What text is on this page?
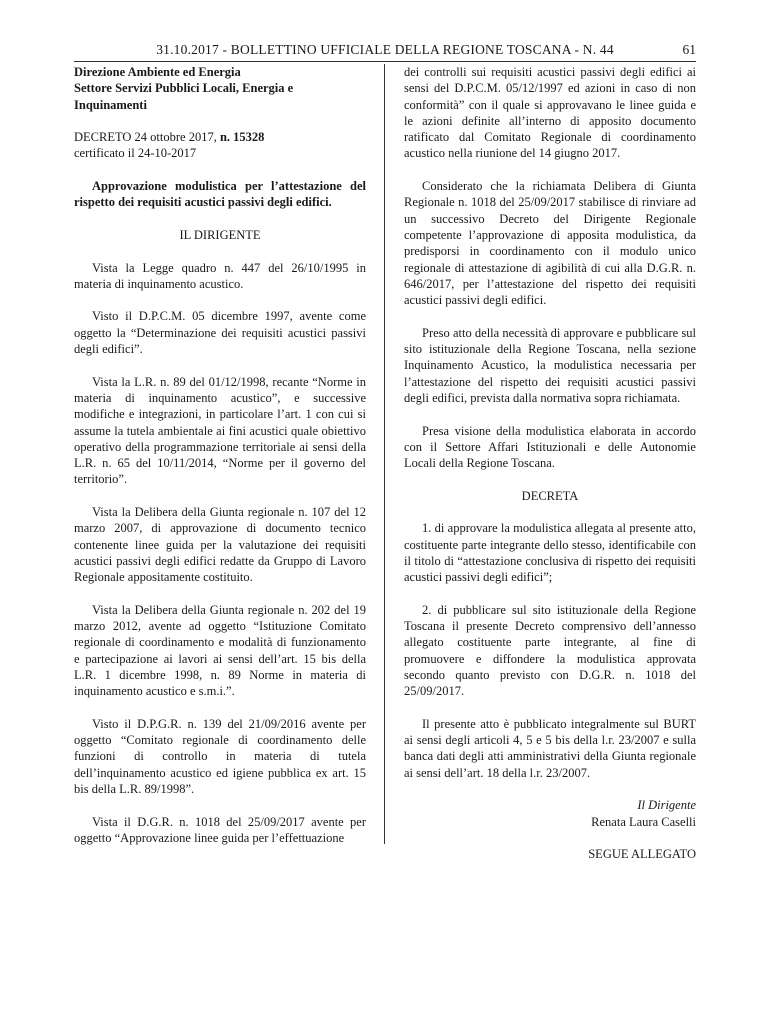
31.10.2017 - BOLLETTINO UFFICIALE DELLA REGIONE TOSCANA - N. 44	61
Direzione Ambiente ed Energia
Settore Servizi Pubblici Locali, Energia e Inquinamenti
DECRETO 24 ottobre 2017, n. 15328
certificato il 24-10-2017

Approvazione modulistica per l’attestazione del rispetto dei requisiti acustici passivi degli edifici.

IL DIRIGENTE

Vista la Legge quadro n. 447 del 26/10/1995 in materia di inquinamento acustico.

Visto il D.P.C.M. 05 dicembre 1997, avente come oggetto la “Determinazione dei requisiti acustici passivi degli edifici”.

Vista la L.R. n. 89 del 01/12/1998, recante “Norme in materia di inquinamento acustico”, e successive modifiche e integrazioni, in particolare l’art. 1 con cui si assume la tutela ambientale ai fini acustici quale obiettivo operativo della programmazione territoriale ai sensi della L.R. n. 65 del 10/11/2014, “Norme per il governo del territorio”.

Vista la Delibera della Giunta regionale n. 107 del 12 marzo 2007, di approvazione di documento tecnico contenente linee guida per la valutazione dei requisiti acustici passivi degli edifici redatte da Gruppo di Lavoro Regionale appositamente costituito.

Vista la Delibera della Giunta regionale n. 202 del 19 marzo 2012, avente ad oggetto “Istituzione Comitato regionale di coordinamento e modalità di funzionamento e partecipazione ai lavori ai sensi dell’art. 15 bis della L.R. 1 dicembre 1998, n. 89 Norme in materia di inquinamento acustico e s.m.i.”.

Visto il D.P.G.R. n. 139 del 21/09/2016 avente per oggetto “Comitato regionale di coordinamento delle funzioni di controllo in materia di tutela dell’inquinamento acustico ed igiene pubblica ex art. 15 bis della L.R. 89/1998”.

Vista il D.G.R. n. 1018 del 25/09/2017 avente per oggetto “Approvazione linee guida per l’effettuazione

dei controlli sui requisiti acustici passivi degli edifici ai sensi del D.P.C.M. 05/12/1997 ed azioni in caso di non conformità” con il quale si approvavano le linee guida e le azioni definite all’interno di apposito documento ratificato dal Comitato Regionale di coordinamento acustico nella riunione del 14 giugno 2017.

Considerato che la richiamata Delibera di Giunta Regionale n. 1018 del 25/09/2017 stabilisce di rinviare ad un successivo Decreto del Dirigente Regionale competente l’approvazione di apposita modulistica, da predisporsi in coordinamento con il modulo unico regionale di attestazione di agibilità di cui alla D.G.R. n. 646/2017, per l’attestazione del rispetto dei requisiti acustici passivi degli edifici.

Preso atto della necessità di approvare e pubblicare sul sito istituzionale della Regione Toscana, nella sezione Inquinamento Acustico, la modulistica necessaria per l’attestazione del rispetto dei requisiti acustici passivi degli edifici, prevista dalla normativa sopra richiamata.

Presa visione della modulistica elaborata in accordo con il Settore Affari Istituzionali e delle Autonomie Locali della Regione Toscana.

DECRETA

1. di approvare la modulistica allegata al presente atto, costituente parte integrante dello stesso, identificabile con il titolo di “attestazione conclusiva di rispetto dei requisiti acustici passivi degli edifici”;

2. di pubblicare sul sito istituzionale della Regione Toscana il presente Decreto comprensivo dell’annesso allegato costituente parte integrante, al fine di promuovere e diffondere la modulistica approvata secondo quanto previsto con D.G.R. n. 1018 del 25/09/2017.

Il presente atto è pubblicato integralmente sul BURT ai sensi degli articoli 4, 5 e 5 bis della l.r. 23/2007 e sulla banca dati degli atti amministrativi della Giunta regionale ai sensi dell’art. 18 della l.r. 23/2007.

Il Dirigente
Renata Laura Caselli
SEGUE ALLEGATO
